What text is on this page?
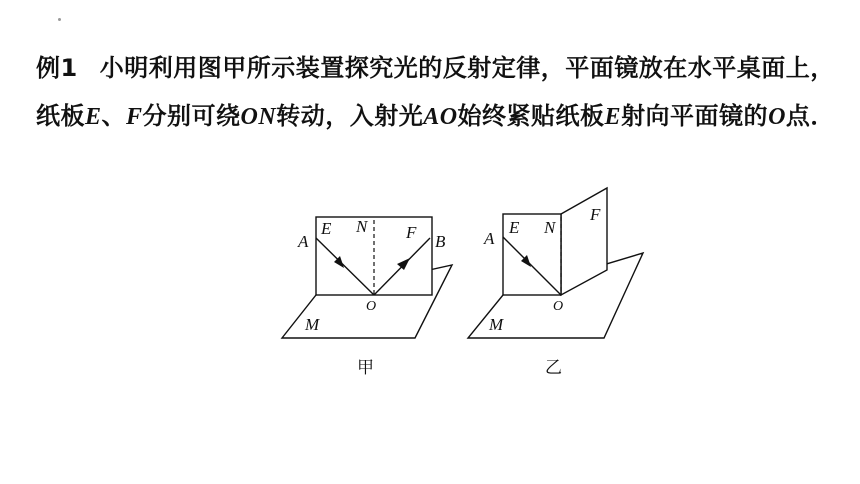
例1 小明利用图甲所示装置探究光的反射定律，平面镜放在水平桌面上，纸板E、F分别可绕ON转动，入射光AO始终紧贴纸板E射向平面镜的O点．
A
E N F B
O
M
甲
A
E N
F
O
M
乙
